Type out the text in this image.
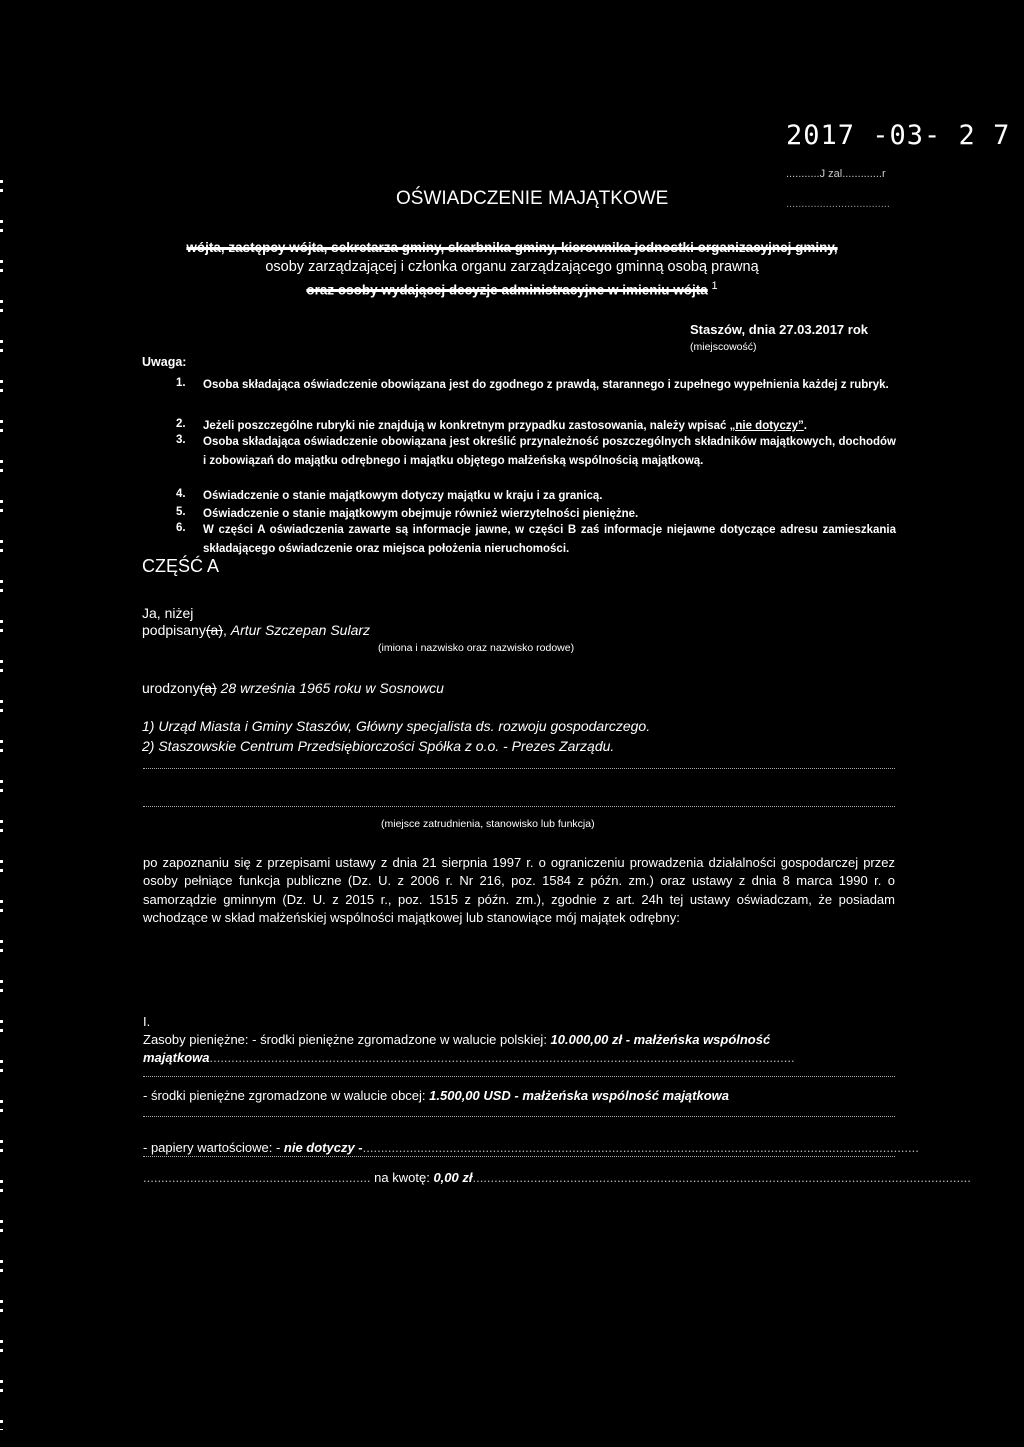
2017 -03- 2 7
...........J zal.............r
..................................
OŚWIADCZENIE MAJĄTKOWE
wójta, zastępcy wójta, sekretarza gminy, skarbnika gminy, kierownika jednostki organizacyjnej gminy,
osoby zarządzającej i członka organu zarządzającego gminną osobą prawną
oraz osoby wydającej decyzje administracyjne w imieniu wójta $^1$
Staszów, dnia 27.03.2017 rok
(miejscowość)
Uwaga:
1. Osoba składająca oświadczenie obowiązana jest do zgodnego z prawdą, starannego i zupełnego wypełnienia każdej z rubryk.
2. Jeżeli poszczególne rubryki nie znajdują w konkretnym przypadku zastosowania, należy wpisać „nie dotyczy”.
3. Osoba składająca oświadczenie obowiązana jest określić przynależność poszczególnych składników majątkowych, dochodów i zobowiązań do majątku odrębnego i majątku objętego małżeńską wspólnością majątkową.
4. Oświadczenie o stanie majątkowym dotyczy majątku w kraju i za granicą.
5. Oświadczenie o stanie majątkowym obejmuje również wierzytelności pieniężne.
6. W części A oświadczenia zawarte są informacje jawne, w części B zaś informacje niejawne dotyczące adresu zamieszkania składającego oświadczenie oraz miejsca położenia nieruchomości.
CZĘŚĆ A
Ja, niżej
podpisany(a), Artur Szczepan Sularz
(imiona i nazwisko oraz nazwisko rodowe)
urodzony(a) 28 września 1965 roku w Sosnowcu
1) Urząd Miasta i Gminy Staszów, Główny specjalista ds. rozwoju gospodarczego.
2) Staszowskie Centrum Przedsiębiorczości Spółka z o.o. - Prezes Zarządu.
(miejsce zatrudnienia, stanowisko lub funkcja)
po zapoznaniu się z przepisami ustawy z dnia 21 sierpnia 1997 r. o ograniczeniu prowadzenia działalności gospodarczej przez osoby pełniące funkcja publiczne (Dz. U. z 2006 r. Nr 216, poz. 1584 z późn. zm.) oraz ustawy z dnia 8 marca 1990 r. o samorządzie gminnym (Dz. U. z 2015 r., poz. 1515 z późn. zm.), zgodnie z art. 24h tej ustawy oświadczam, że posiadam wchodzące w skład małżeńskiej wspólności majątkowej lub stanowiące mój majątek odrębny:
I.
Zasoby pieniężne: - środki pieniężne zgromadzone w walucie polskiej: 10.000,00 zł - małżeńska wspólność
majątkowa..................................................................................................................................................................
- środki pieniężne zgromadzone w walucie obcej: 1.500,00 USD - małżeńska wspólność majątkowa
- papiery wartościowe: - nie dotyczy -..........................................................................................................................................................
............................................................... na kwotę: 0,00 zł..........................................................................................................................................
